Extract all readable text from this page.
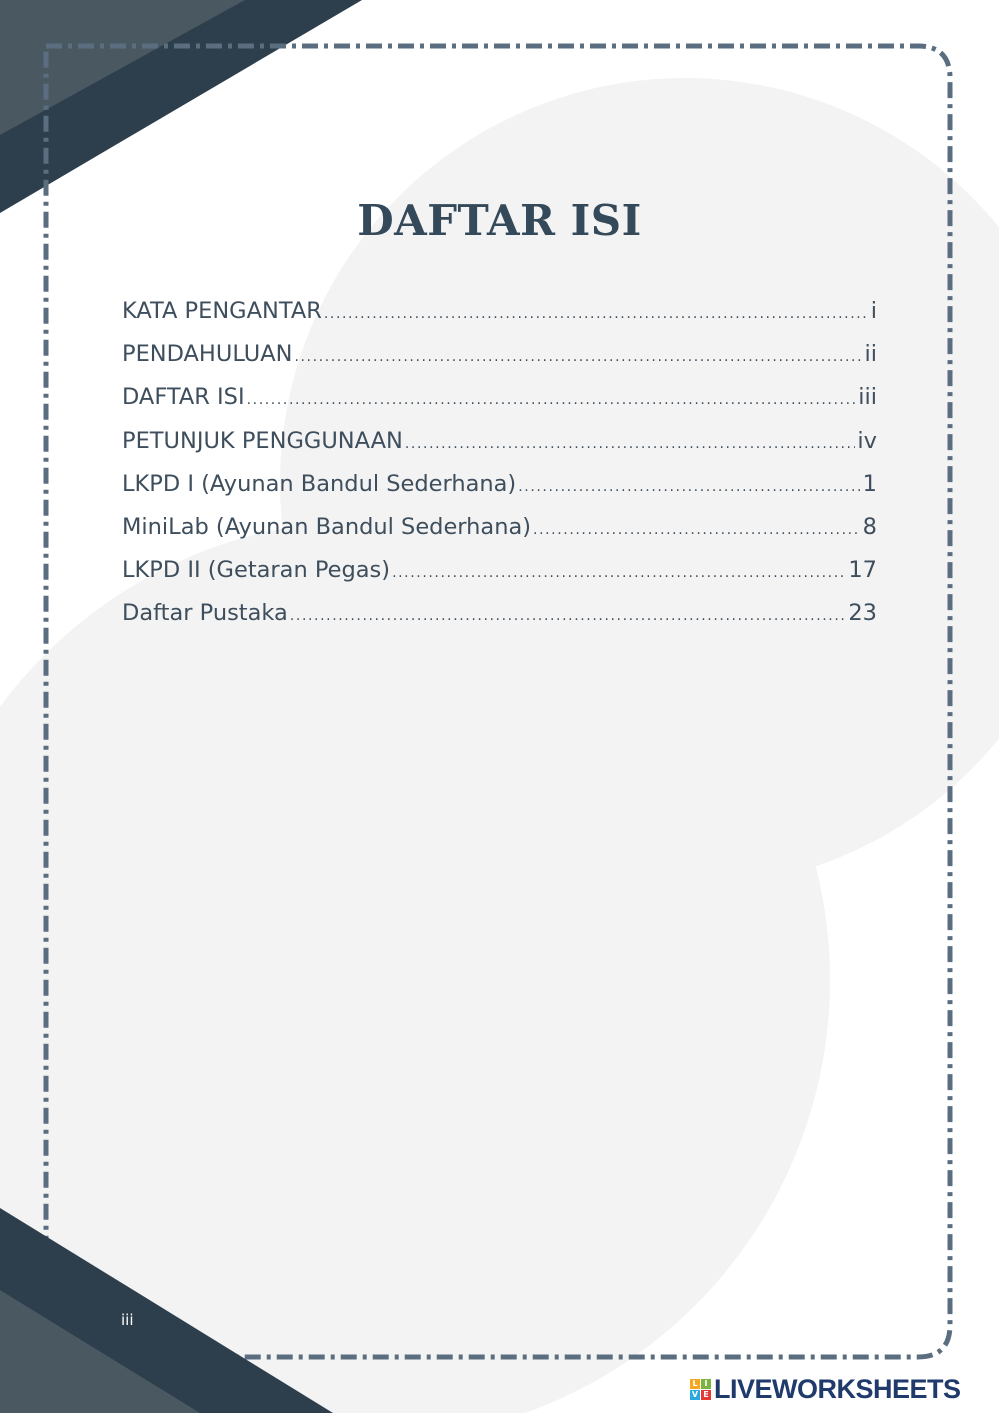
DAFTAR ISI
KATA PENGANTAR .....	i
PENDAHULUAN .....	ii
DAFTAR ISI .....	iii
PETUNJUK PENGGUNAAN .....	iv
LKPD I (Ayunan Bandul Sederhana) .....	1
MiniLab (Ayunan Bandul Sederhana) .....	8
LKPD II (Getaran Pegas) .....	17
Daftar Pustaka .....	23
iii
L I
V E LIVEWORKSHEETS
